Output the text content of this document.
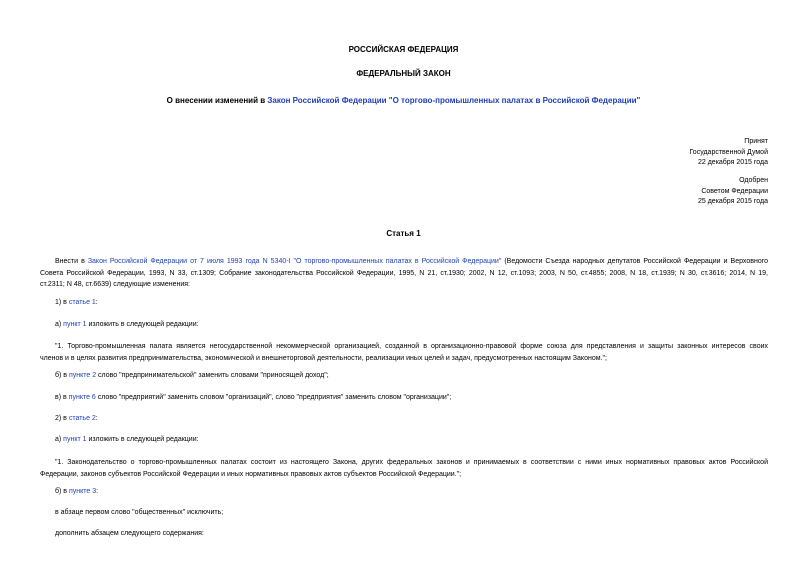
РОССИЙСКАЯ ФЕДЕРАЦИЯ

ФЕДЕРАЛЬНЫЙ ЗАКОН

О внесении изменений в Закон Российской Федерации "О торгово-промышленных палатах в Российской Федерации"

Принят
Государственной Думой
22 декабря 2015 года
Одобрен
Советом Федерации
25 декабря 2015 года

Статья 1

Внести в Закон Российской Федерации от 7 июля 1993 года N 5340-I "О торгово-промышленных палатах в Российской Федерации" (Ведомости Съезда народных депутатов Российской Федерации и Верховного
Совета Российской Федерации, 1993, N 33, ст.1309; Собрание законодательства Российской Федерации, 1995, N 21, ст.1930; 2002, N 12, ст.1093; 2003, N 50, ст.4855; 2008, N 18, ст.1939; N 30, ст.3616; 2014, N 19,
ст.2311; N 48, ст.6639) следующие изменения:

1) в статье 1:

а) пункт 1 изложить в следующей редакции:

"1. Торгово-промышленная палата является негосударственной некоммерческой организацией, созданной в организационно-правовой форме союза для представления и защиты законных интересов своих
членов и в целях развития предпринимательства, экономической и внешнеторговой деятельности, реализации иных целей и задач, предусмотренных настоящим Законом.";

б) в пункте 2 слово "предпринимательской" заменить словами "приносящей доход";

в) в пункте 6 слово "предприятий" заменить словом "организаций", слово "предприятия" заменить словом "организации";

2) в статье 2:

а) пункт 1 изложить в следующей редакции:

"1. Законодательство о торгово-промышленных палатах состоит из настоящего Закона, других федеральных законов и принимаемых в соответствии с ними иных нормативных правовых актов Российской
Федерации, законов субъектов Российской Федерации и иных нормативных правовых актов субъектов Российской Федерации.";

б) в пункте 3:

в абзаце первом слово "общественных" исключить;

дополнить абзацем следующего содержания:
